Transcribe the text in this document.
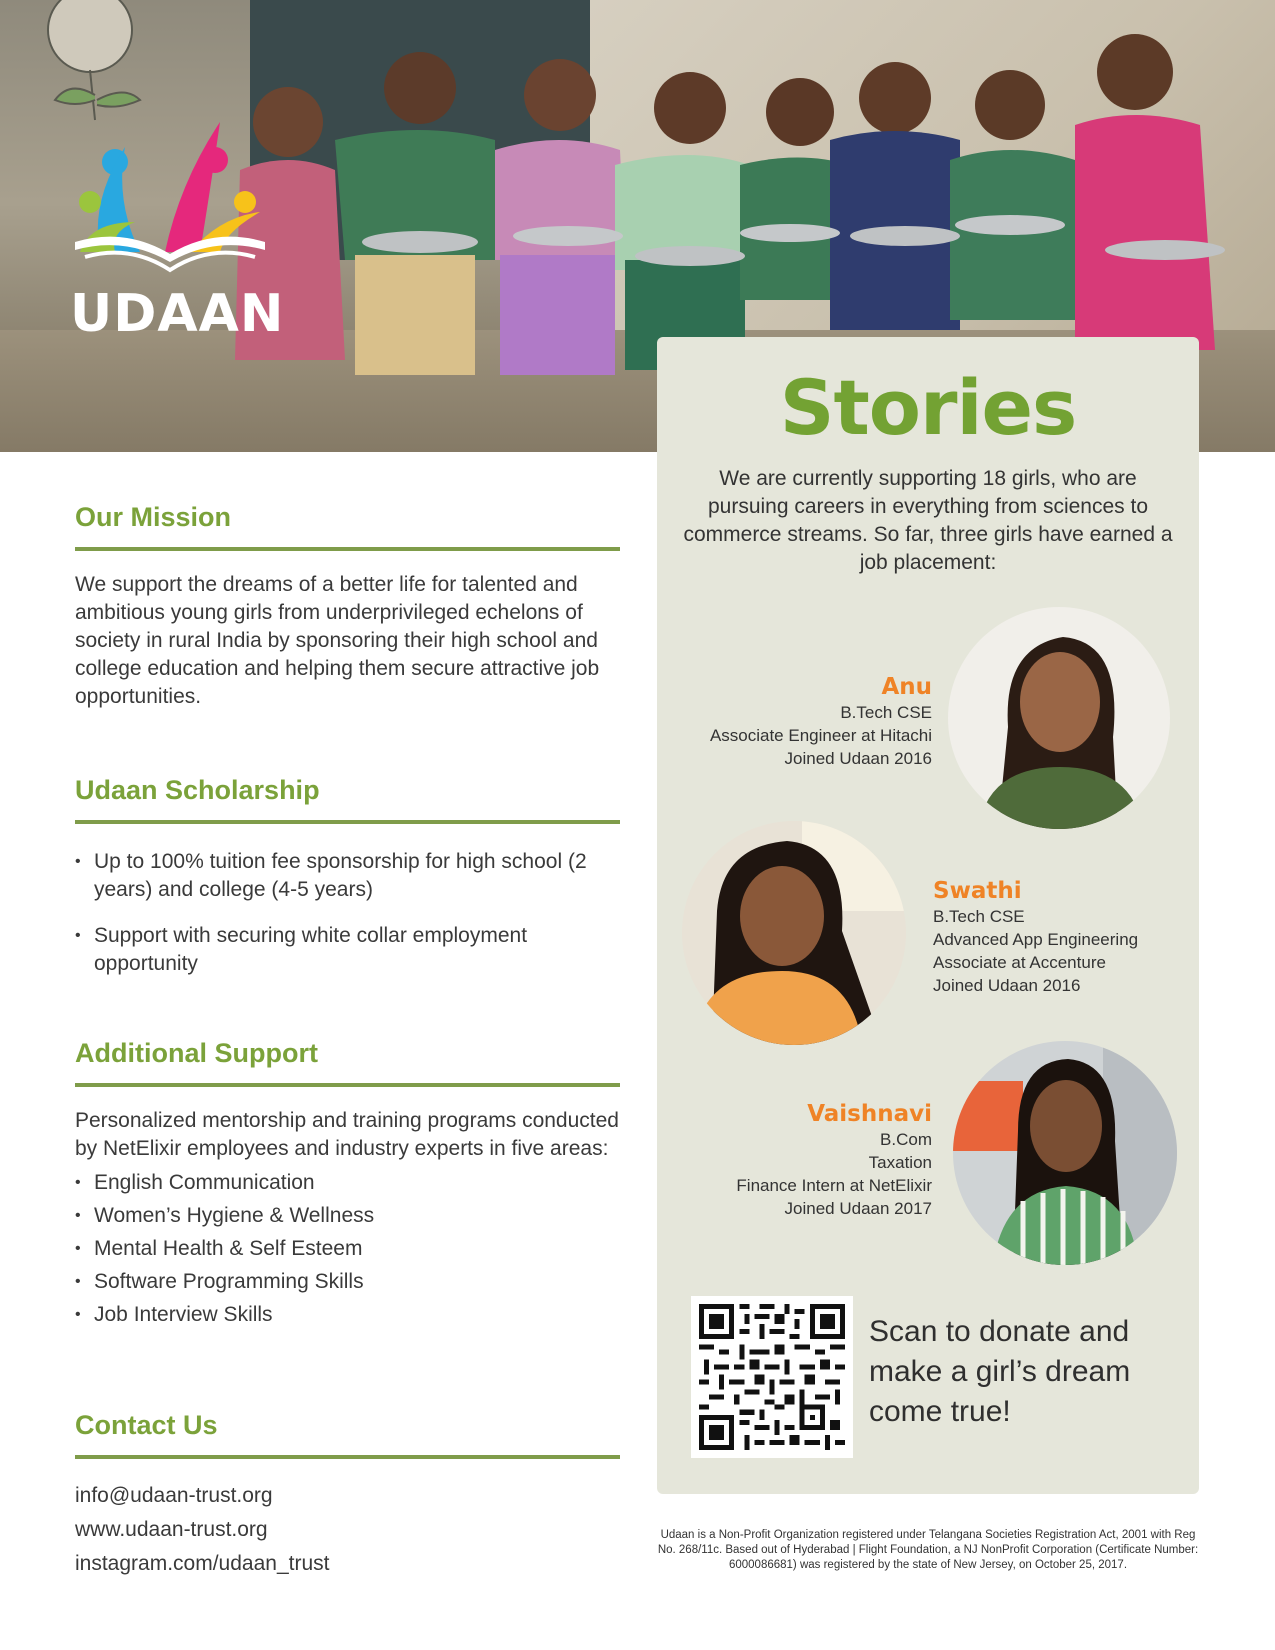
UDAAN
Our Mission

We support the dreams of a better life for talented and ambitious young girls from underprivileged echelons of society in rural India by sponsoring their high school and college education and helping them secure attractive job opportunities.

Udaan Scholarship
• Up to 100% tuition fee sponsorship for high school (2 years) and college (4-5 years)
• Support with securing white collar employment opportunity
Additional Support

Personalized mentorship and training programs conducted by NetElixir employees and industry experts in five areas:

• English Communication
• Women’s Hygiene & Wellness
• Mental Health & Self Esteem
• Software Programming Skills
• Job Interview Skills
Contact Us
info@udaan-trust.org
www.udaan-trust.org
instagram.com/udaan_trust
Stories
We are currently supporting 18 girls, who are pursuing careers in everything from sciences to commerce streams. So far, three girls have earned a job placement:
Anu
B.Tech CSE
Associate Engineer at Hitachi
Joined Udaan 2016
Swathi
B.Tech CSE
Advanced App Engineering
Associate at Accenture
Joined Udaan 2016
Vaishnavi
B.Com
Taxation
Finance Intern at NetElixir
Joined Udaan 2017
Scan to donate and make a girl’s dream come true!
Udaan is a Non-Profit Organization registered under Telangana Societies Registration Act, 2001 with Reg No. 268/11c. Based out of Hyderabad | Flight Foundation, a NJ NonProfit Corporation (Certificate Number: 6000086681) was registered by the state of New Jersey, on October 25, 2017.
